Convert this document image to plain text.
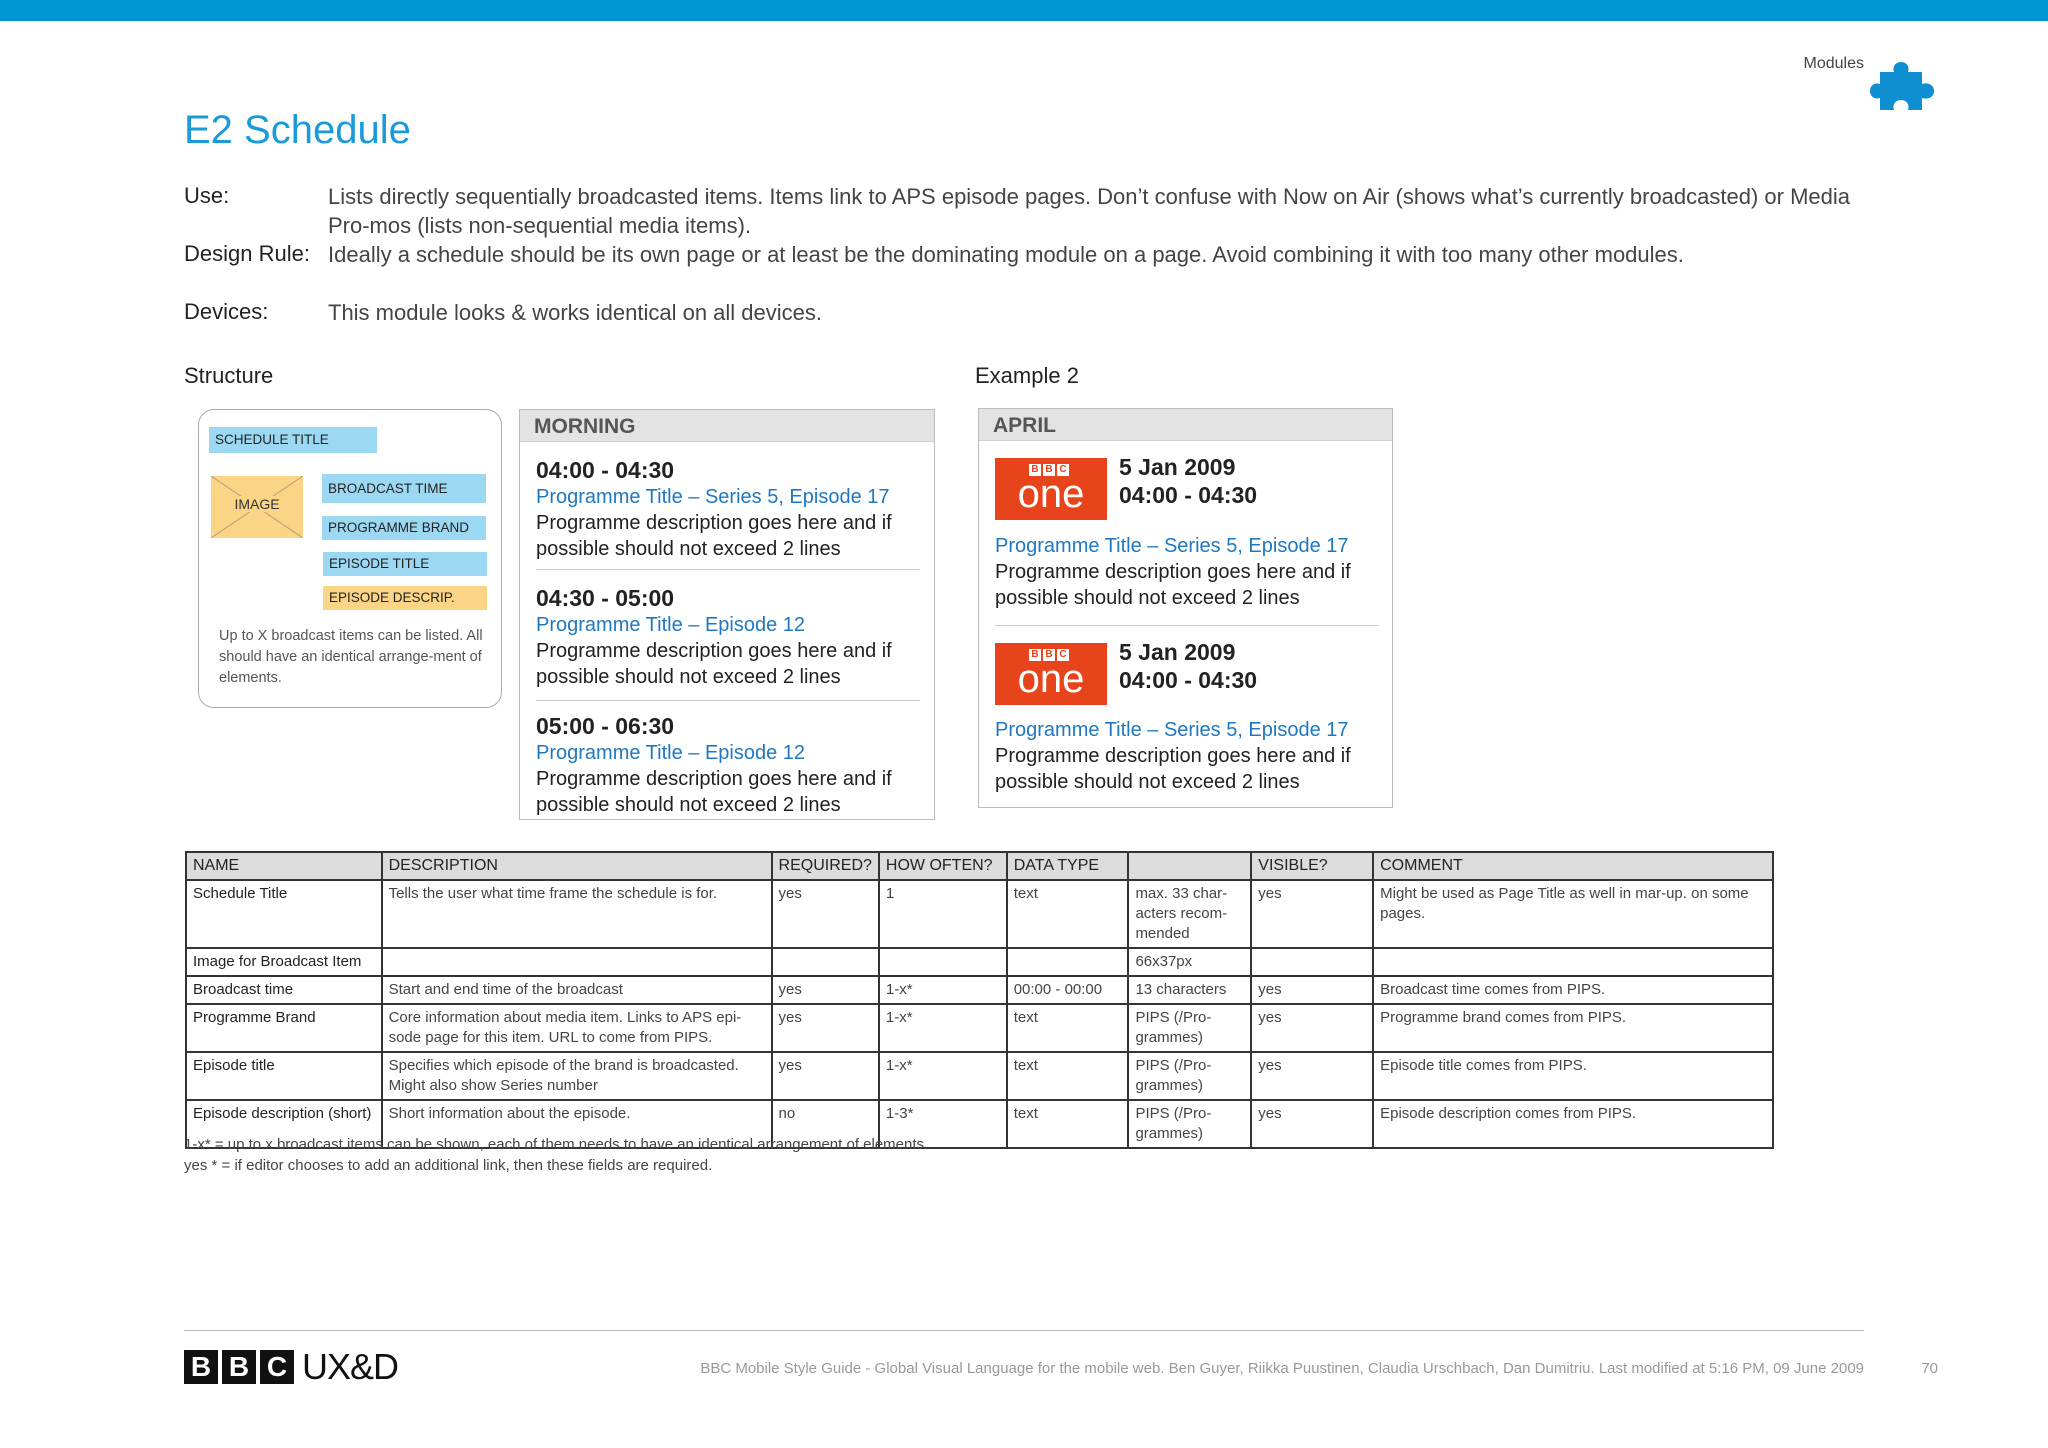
Modules
E2 Schedule
Use:	Lists directly sequentially broadcasted items. Items link to APS episode pages. Don’t confuse with Now on Air (shows what’s currently broadcasted) or Media Pro-mos (lists non-sequential media items).
Design Rule: Ideally a schedule should be its own page or at least be the dominating module on a page. Avoid combining it with too many other modules.
Devices:	This module looks & works identical on all devices.
Structure	Example 2
SCHEDULE TITLE
IMAGE
BROADCAST TIME
PROGRAMME BRAND
EPISODE TITLE
EPISODE DESCRIP.
Up to X broadcast items can be listed. All should have an identical arrange-ment of elements.
MORNING
04:00 - 04:30
Programme Title – Series 5, Episode 17
Programme description goes here and if possible should not exceed 2 lines
04:30 - 05:00
Programme Title – Episode 12
Programme description goes here and if possible should not exceed 2 lines
05:00 - 06:30
Programme Title – Episode 12
Programme description goes here and if possible should not exceed 2 lines
APRIL
B B C
one
5 Jan 2009
04:00 - 04:30
Programme Title – Series 5, Episode 17
Programme description goes here and if possible should not exceed 2 lines
B B C
one
5 Jan 2009
04:00 - 04:30
Programme Title – Series 5, Episode 17
Programme description goes here and if possible should not exceed 2 lines
NAME	DESCRIPTION	REQUIRED?	HOW OFTEN?	DATA TYPE		VISIBLE?	COMMENT
Schedule Title	Tells the user what time frame the schedule is for.	yes	1	text	max. 33 char-acters recom-mended	yes	Might be used as Page Title as well in mar-up. on some pages.
Image for Broadcast Item					66x37px		
Broadcast time	Start and end time of the broadcast	yes	1-x*	00:00 - 00:00	13 characters	yes	Broadcast time comes from PIPS.
Programme Brand	Core information about media item. Links to APS epi-sode page for this item. URL to come from PIPS.	yes	1-x*	text	PIPS (/Pro-grammes)	yes	Programme brand comes from PIPS.
Episode title	Specifies which episode of the brand is broadcasted. Might also show Series number	yes	1-x*	text	PIPS (/Pro-grammes)	yes	Episode title comes from PIPS.
Episode description (short)	Short information about the episode.	no	1-3*	text	PIPS (/Pro-grammes)	yes	Episode description comes from PIPS.
1-x* = up to x broadcast items can be shown, each of them needs to have an identical arrangement of elements.
yes * = if editor chooses to add an additional link, then these fields are required.
B B C UX&D	BBC Mobile Style Guide - Global Visual Language for the mobile web. Ben Guyer, Riikka Puustinen, Claudia Urschbach, Dan Dumitriu. Last modified at 5:16 PM, 09 June 2009	70
